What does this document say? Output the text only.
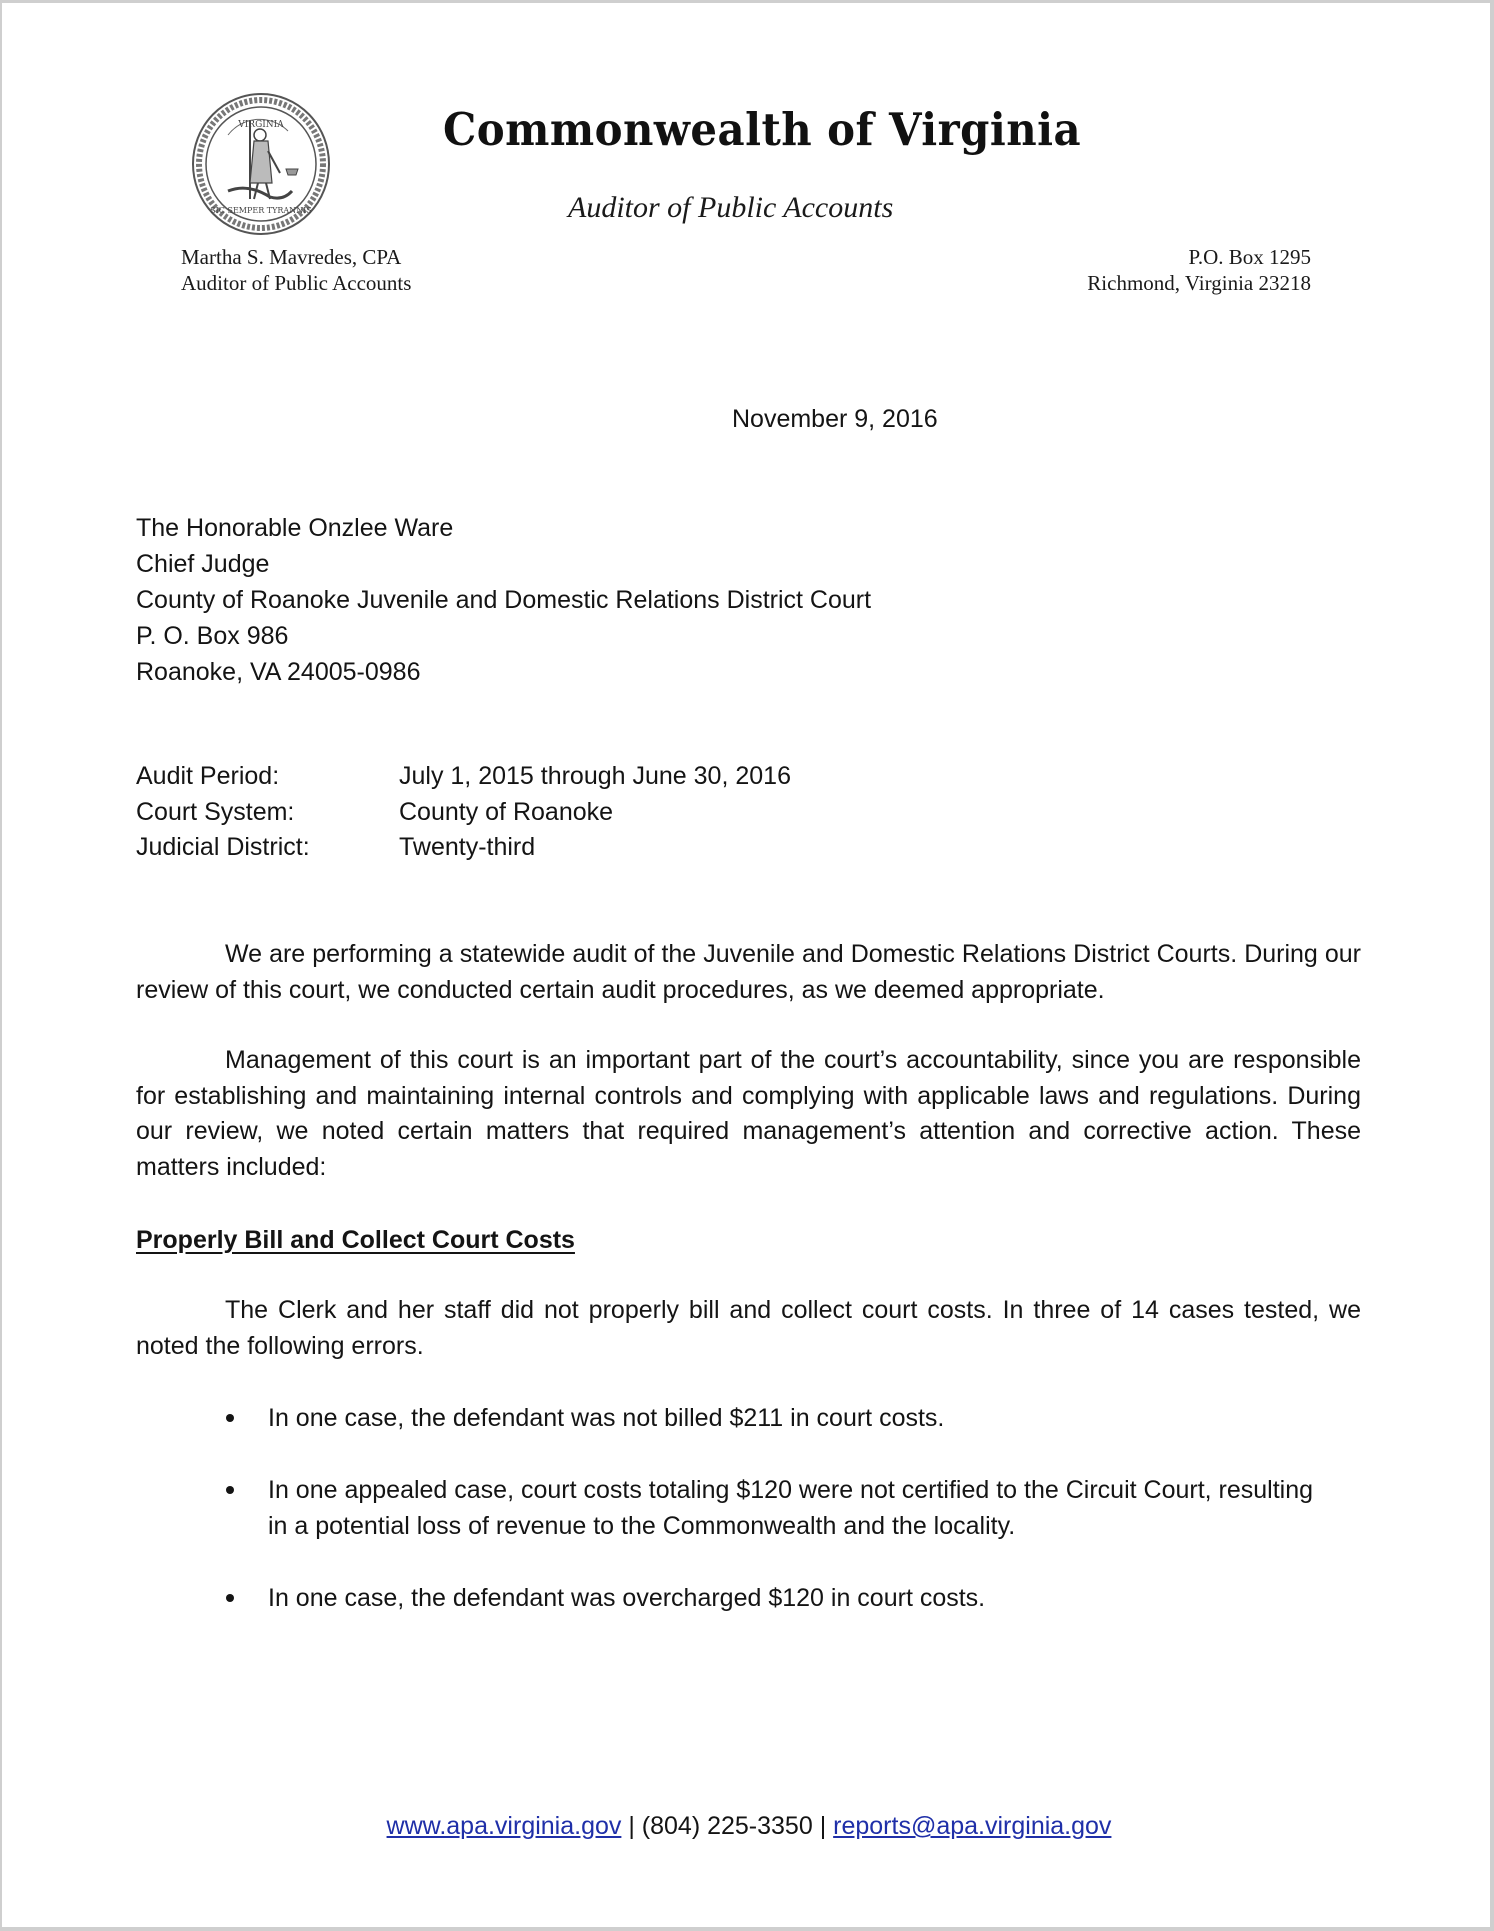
VIRGINIA
SIC SEMPER TYRANNIS
Commonwealth of Virginia
Auditor of Public Accounts
Martha S. Mavredes, CPA
Auditor of Public Accounts
P.O. Box 1295
Richmond, Virginia 23218
November 9, 2016
The Honorable Onzlee Ware
Chief Judge
County of Roanoke Juvenile and Domestic Relations District Court
P. O. Box 986
Roanoke, VA 24005-0986
Audit Period:	July 1, 2015 through June 30, 2016
Court System:	County of Roanoke
Judicial District:	Twenty-third
We are performing a statewide audit of the Juvenile and Domestic Relations District Courts. During our review of this court, we conducted certain audit procedures, as we deemed appropriate.
Management of this court is an important part of the court’s accountability, since you are responsible for establishing and maintaining internal controls and complying with applicable laws and regulations. During our review, we noted certain matters that required management’s attention and corrective action. These matters included:
Properly Bill and Collect Court Costs
The Clerk and her staff did not properly bill and collect court costs. In three of 14 cases tested, we noted the following errors.
In one case, the defendant was not billed $211 in court costs.
In one appealed case, court costs totaling $120 were not certified to the Circuit Court, resulting in a potential loss of revenue to the Commonwealth and the locality.
In one case, the defendant was overcharged $120 in court costs.
www.apa.virginia.gov | (804) 225-3350 | reports@apa.virginia.gov
